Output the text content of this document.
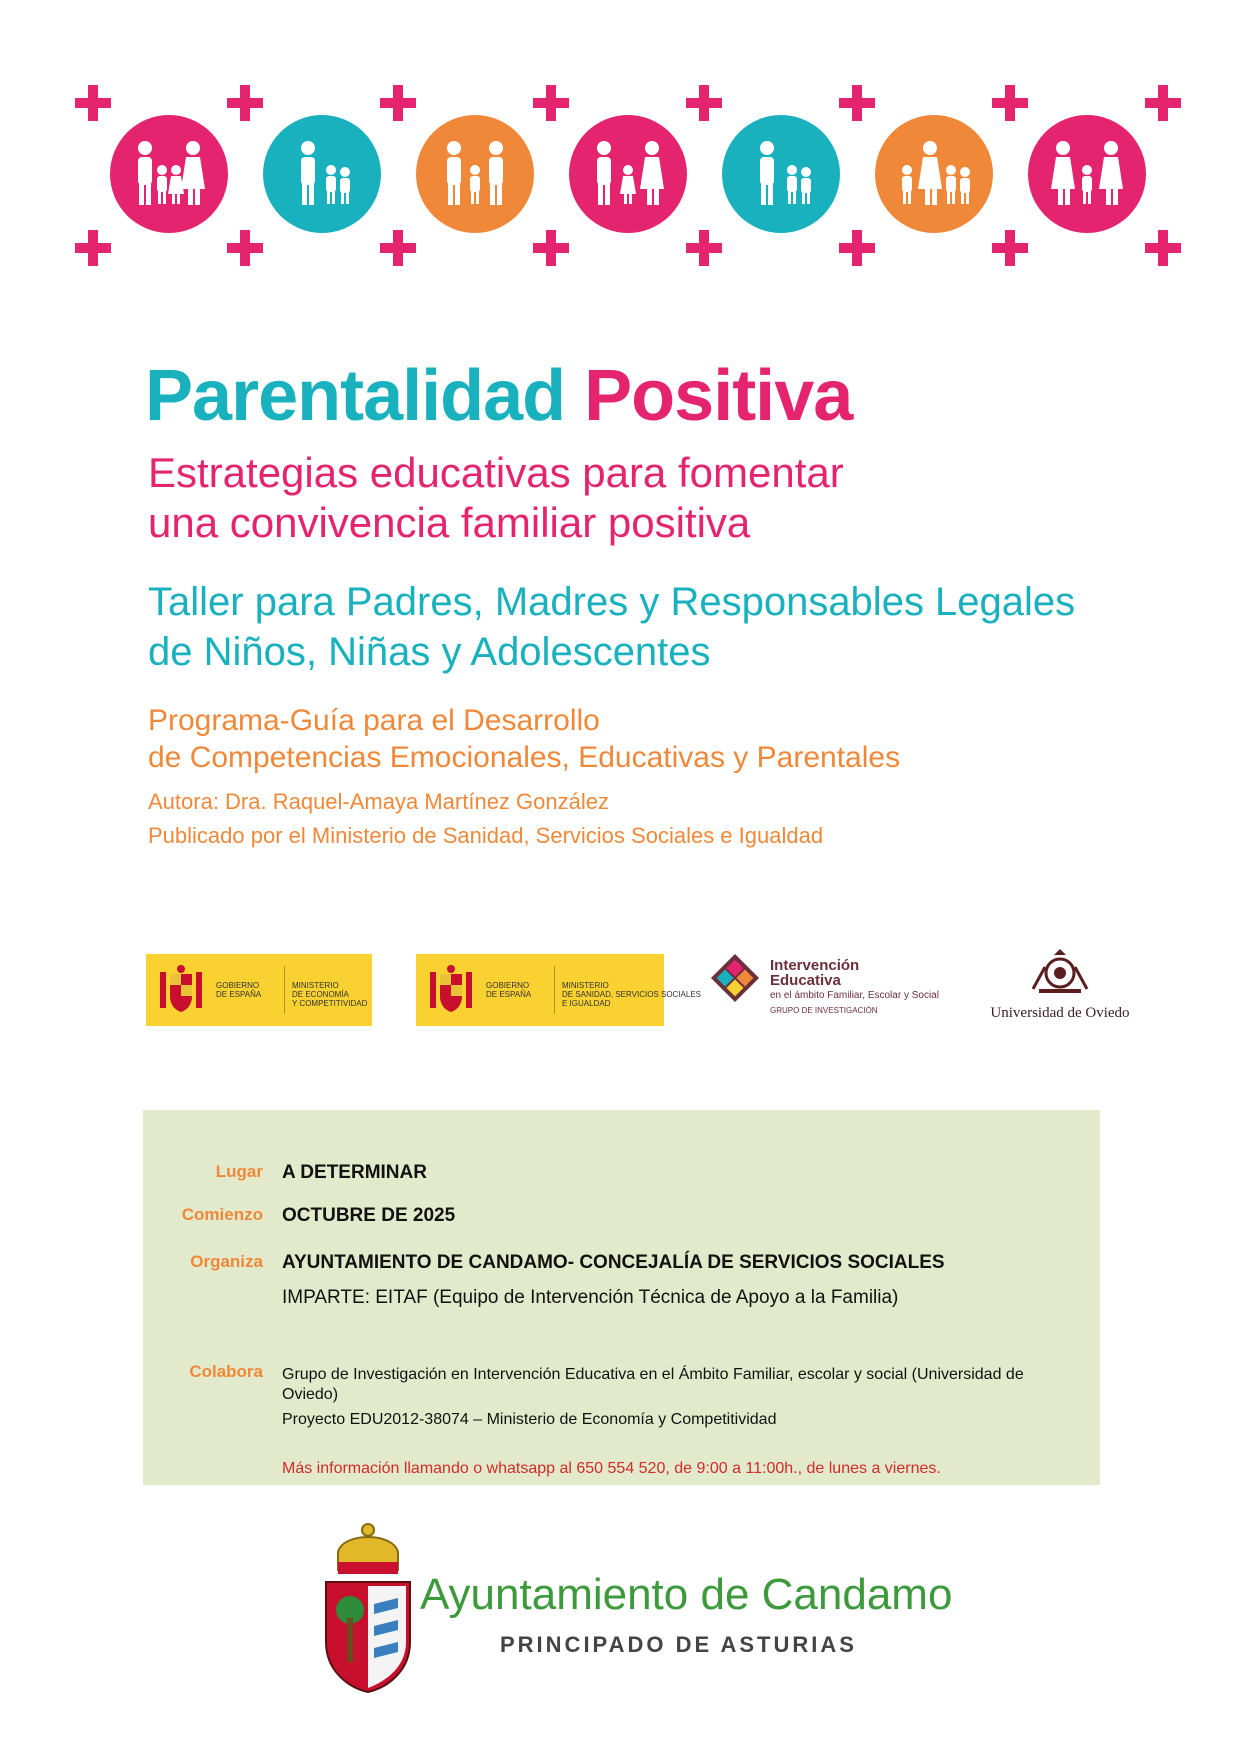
Parentalidad Positiva
Estrategias educativas para fomentar
una convivencia familiar positiva
Taller para Padres, Madres y Responsables Legales
de Niños, Niñas y Adolescentes
Programa-Guía para el Desarrollo
de Competencias Emocionales, Educativas y Parentales
Autora: Dra. Raquel-Amaya Martínez González
Publicado por el Ministerio de Sanidad, Servicios Sociales e Igualdad
GOBIERNO
DE ESPAÑA
MINISTERIO
DE ECONOMÍA
Y COMPETITIVIDAD
GOBIERNO
DE ESPAÑA
MINISTERIO
DE SANIDAD, SERVICIOS SOCIALES
E IGUALDAD
Intervención
Educativa
en el ámbito Familiar, Escolar y Social
GRUPO DE INVESTIGACIÓN	Universidad de Oviedo
Lugar A DETERMINAR
Comienzo OCTUBRE DE 2025
Organiza AYUNTAMIENTO DE CANDAMO- CONCEJALÍA DE SERVICIOS SOCIALES
IMPARTE: EITAF (Equipo de Intervención Técnica de Apoyo a la Familia)
Colabora Grupo de Investigación en Intervención Educativa en el Ámbito Familiar, escolar y social (Universidad de Oviedo)
Proyecto EDU2012-38074 – Ministerio de Economía y Competitividad
Más información llamando o whatsapp al 650 554 520, de 9:00 a 11:00h., de lunes a viernes.
Ayuntamiento de Candamo
PRINCIPADO DE ASTURIAS
